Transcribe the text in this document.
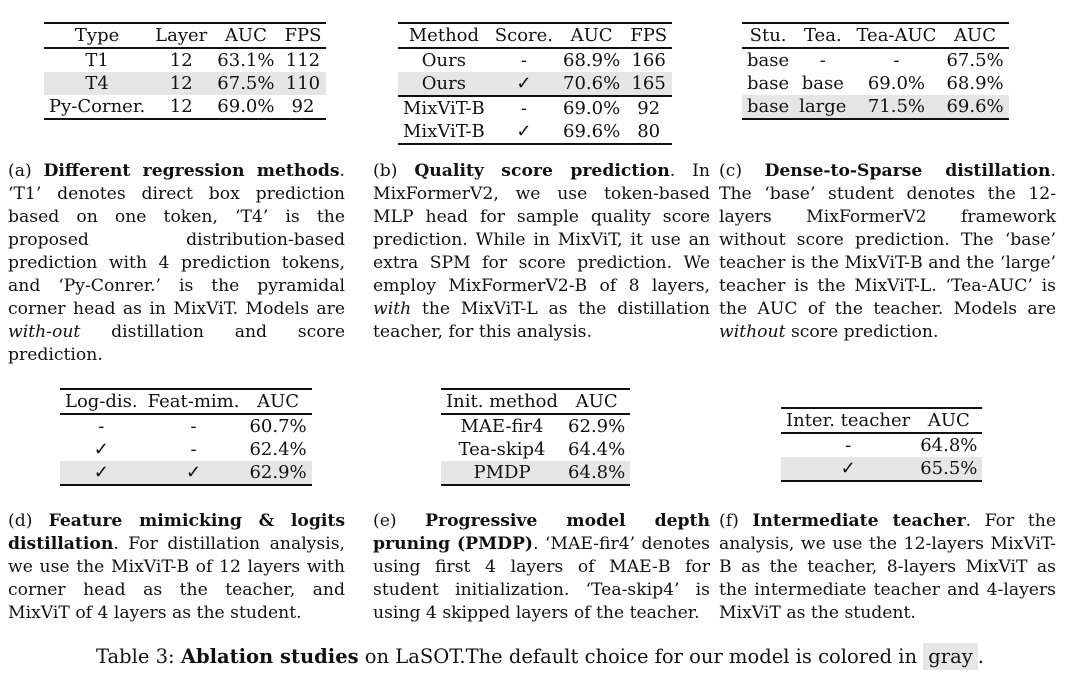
Type	Layer	AUC	FPS
T1	12	63.1%	112
T4	12	67.5%	110
Py-Corner.	12	69.0%	92
Method	Score.	AUC	FPS
Ours	-	68.9%	166
Ours	✓	70.6%	165
MixViT-B	-	69.0%	92
MixViT-B	✓	69.6%	80
Stu.	Tea.	Tea-AUC	AUC
base	-	-	67.5%
base	base	69.0%	68.9%
base	large	71.5%	69.6%
(a) Different regression methods. ‘T1’ denotes direct box prediction based on one token, ‘T4’ is the proposed distribution-based prediction with 4 prediction tokens, and ‘Py-Conrer.’ is the pyramidal corner head as in MixViT. Models are with-out distillation and score prediction.
(b) Quality score prediction. In MixFormerV2, we use token-based MLP head for sample quality score prediction. While in MixViT, it use an extra SPM for score prediction. We employ MixFormerV2-B of 8 layers, with the MixViT-L as the distillation teacher, for this analysis.
(c) Dense-to-Sparse distillation. The ‘base’ student denotes the 12-layers MixFormerV2 framework without score prediction. The ‘base’ teacher is the MixViT-B and the ‘large’ teacher is the MixViT-L. ‘Tea-AUC’ is the AUC of the teacher. Models are without score prediction.
Log-dis.	Feat-mim.	AUC
-	-	60.7%
✓	-	62.4%
✓	✓	62.9%
Init. method	AUC
MAE-fir4	62.9%
Tea-skip4	64.4%
PMDP	64.8%
Inter. teacher	AUC
-	64.8%
✓	65.5%
(d) Feature mimicking & logits distillation. For distillation analysis, we use the MixViT-B of 12 layers with corner head as the teacher, and MixViT of 4 layers as the student.
(e) Progressive model depth pruning (PMDP). ‘MAE-fir4’ denotes using first 4 layers of MAE-B for student initialization. ‘Tea-skip4’ is using 4 skipped layers of the teacher.
(f) Intermediate teacher. For the analysis, we use the 12-layers MixViT-B as the teacher, 8-layers MixViT as the intermediate teacher and 4-layers MixViT as the student.
Table 3: Ablation studies on LaSOT.The default choice for our model is colored in gray .
